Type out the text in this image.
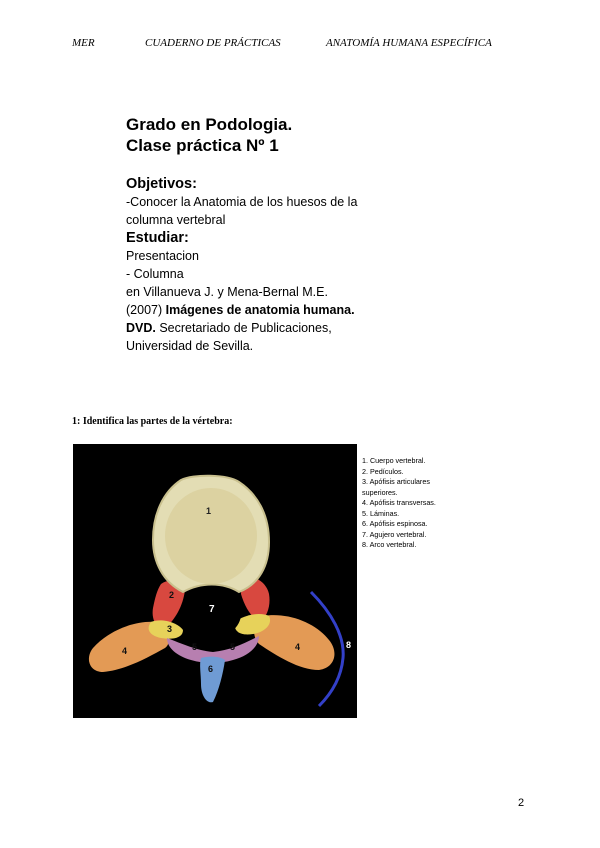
MER	CUADERNO DE PRÁCTICAS	ANATOMÍA HUMANA ESPECÍFICA
Grado en Podologia.
Clase práctica Nº 1
Objetivos:
-Conocer la Anatomia de los huesos de la
columna vertebral
Estudiar:
Presentacion
- Columna
en Villanueva J. y Mena-Bernal M.E.
(2007) Imágenes de anatomia humana.
DVD. Secretariado de Publicaciones,
Universidad de Sevilla.
1: Identifica las partes de la vértebra:
1
2
3
4	4
5	5
6
7
8
1. Cuerpo vertebral.
2. Pedículos.
3. Apófisis articulares
superiores.
4. Apófisis transversas.
5. Láminas.
6. Apófisis espinosa.
7. Agujero vertebral.
8. Arco vertebral.
2
